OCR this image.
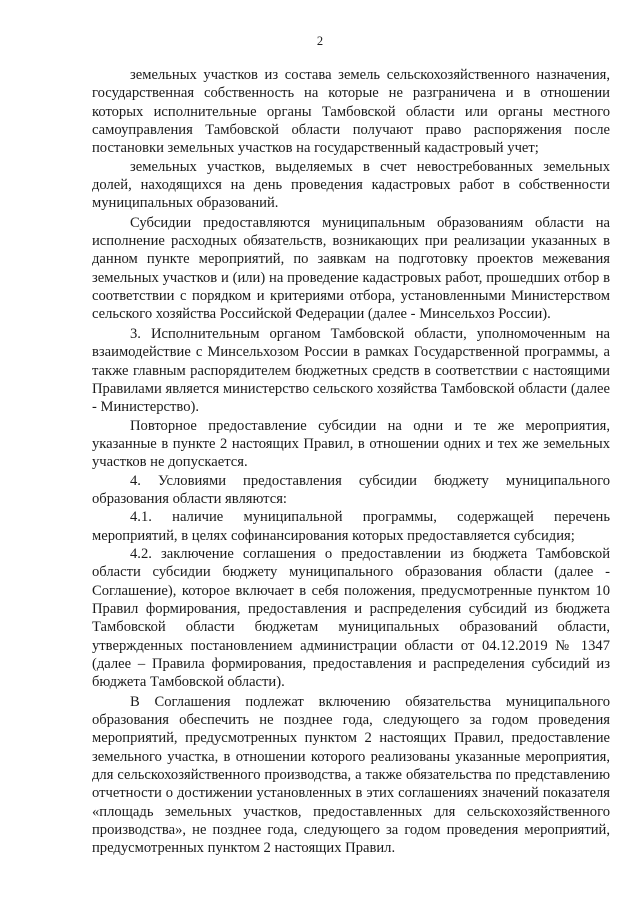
2

земельных участков из состава земель сельскохозяйственного назначения, государственная собственность на которые не разграничена и в отношении которых исполнительные органы Тамбовской области или органы местного самоуправления Тамбовской области получают право распоряжения после постановки земельных участков на государственный кадастровый учет;

земельных участков, выделяемых в счет невостребованных земельных долей, находящихся на день проведения кадастровых работ в собственности муниципальных образований.

Субсидии предоставляются муниципальным образованиям области на исполнение расходных обязательств, возникающих при реализации указанных в данном пункте мероприятий, по заявкам на подготовку проектов межевания земельных участков и (или) на проведение кадастровых работ, прошедших отбор в соответствии с порядком и критериями отбора, установленными Министерством сельского хозяйства Российской Федерации (далее - Минсельхоз России).

3. Исполнительным органом Тамбовской области, уполномоченным на взаимодействие с Минсельхозом России в рамках Государственной программы, а также главным распорядителем бюджетных средств в соответствии с настоящими Правилами является министерство сельского хозяйства Тамбовской области (далее - Министерство).

Повторное предоставление субсидии на одни и те же мероприятия, указанные в пункте 2 настоящих Правил, в отношении одних и тех же земельных участков не допускается.

4. Условиями предоставления субсидии бюджету муниципального образования области являются:

4.1. наличие муниципальной программы, содержащей перечень мероприятий, в целях софинансирования которых предоставляется субсидия;

4.2. заключение соглашения о предоставлении из бюджета Тамбовской области субсидии бюджету муниципального образования области (далее - Соглашение), которое включает в себя положения, предусмотренные пунктом 10 Правил формирования, предоставления и распределения субсидий из бюджета Тамбовской области бюджетам муниципальных образований области, утвержденных постановлением администрации области от 04.12.2019 № 1347 (далее – Правила формирования, предоставления и распределения субсидий из бюджета Тамбовской области).

В Соглашения подлежат включению обязательства муниципального образования обеспечить не позднее года, следующего за годом проведения мероприятий, предусмотренных пунктом 2 настоящих Правил, предоставление земельного участка, в отношении которого реализованы указанные мероприятия, для сельскохозяйственного производства, а также обязательства по представлению отчетности о достижении установленных в этих соглашениях значений показателя «площадь земельных участков, предоставленных для сельскохозяйственного производства», не позднее года, следующего за годом проведения мероприятий, предусмотренных пунктом 2 настоящих Правил.
